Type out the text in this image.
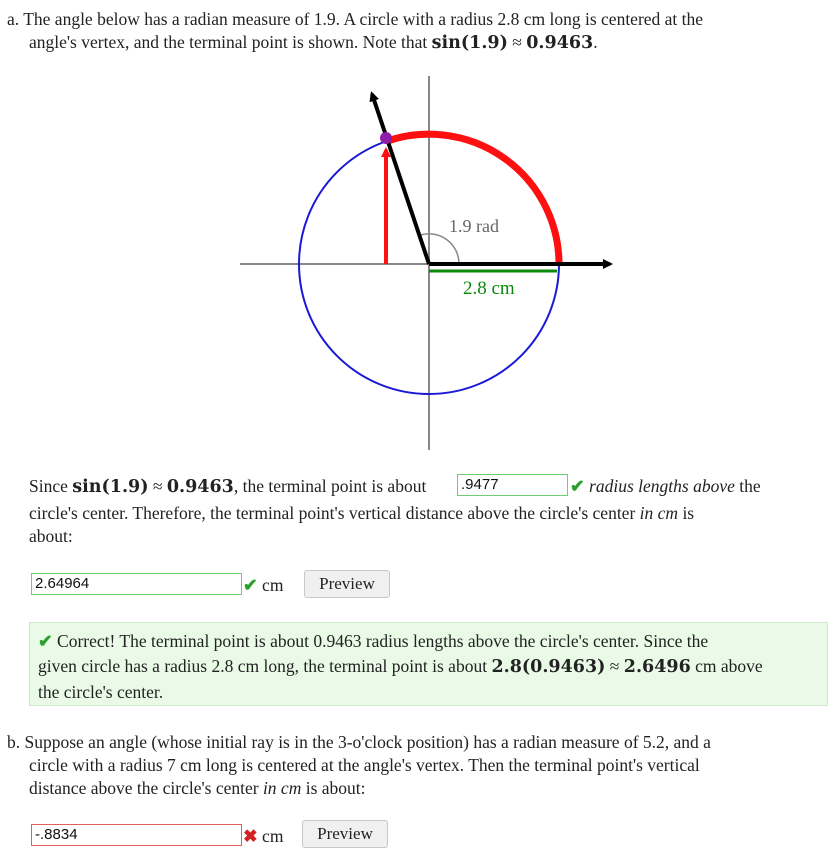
a. The angle below has a radian measure of 1.9. A circle with a radius 2.8 cm long is centered at the
angle's vertex, and the terminal point is shown. Note that sin(1.9) ≈ 0.9463.
1.9 rad
2.8 cm
Since sin(1.9) ≈ 0.9463, the terminal point is about	.9477	✔ radius lengths above the
circle's center. Therefore, the terminal point's vertical distance above the circle's center in cm is
about:
2.64964	✔ cm	Preview
✔ Correct! The terminal point is about 0.9463 radius lengths above the circle's center. Since the
given circle has a radius 2.8 cm long, the terminal point is about 2.8(0.9463) ≈ 2.6496 cm above
the circle's center.
b. Suppose an angle (whose initial ray is in the 3-o'clock position) has a radian measure of 5.2, and a
circle with a radius 7 cm long is centered at the angle's vertex. Then the terminal point's vertical
distance above the circle's center in cm is about:
-.8834	✖ cm	Preview
